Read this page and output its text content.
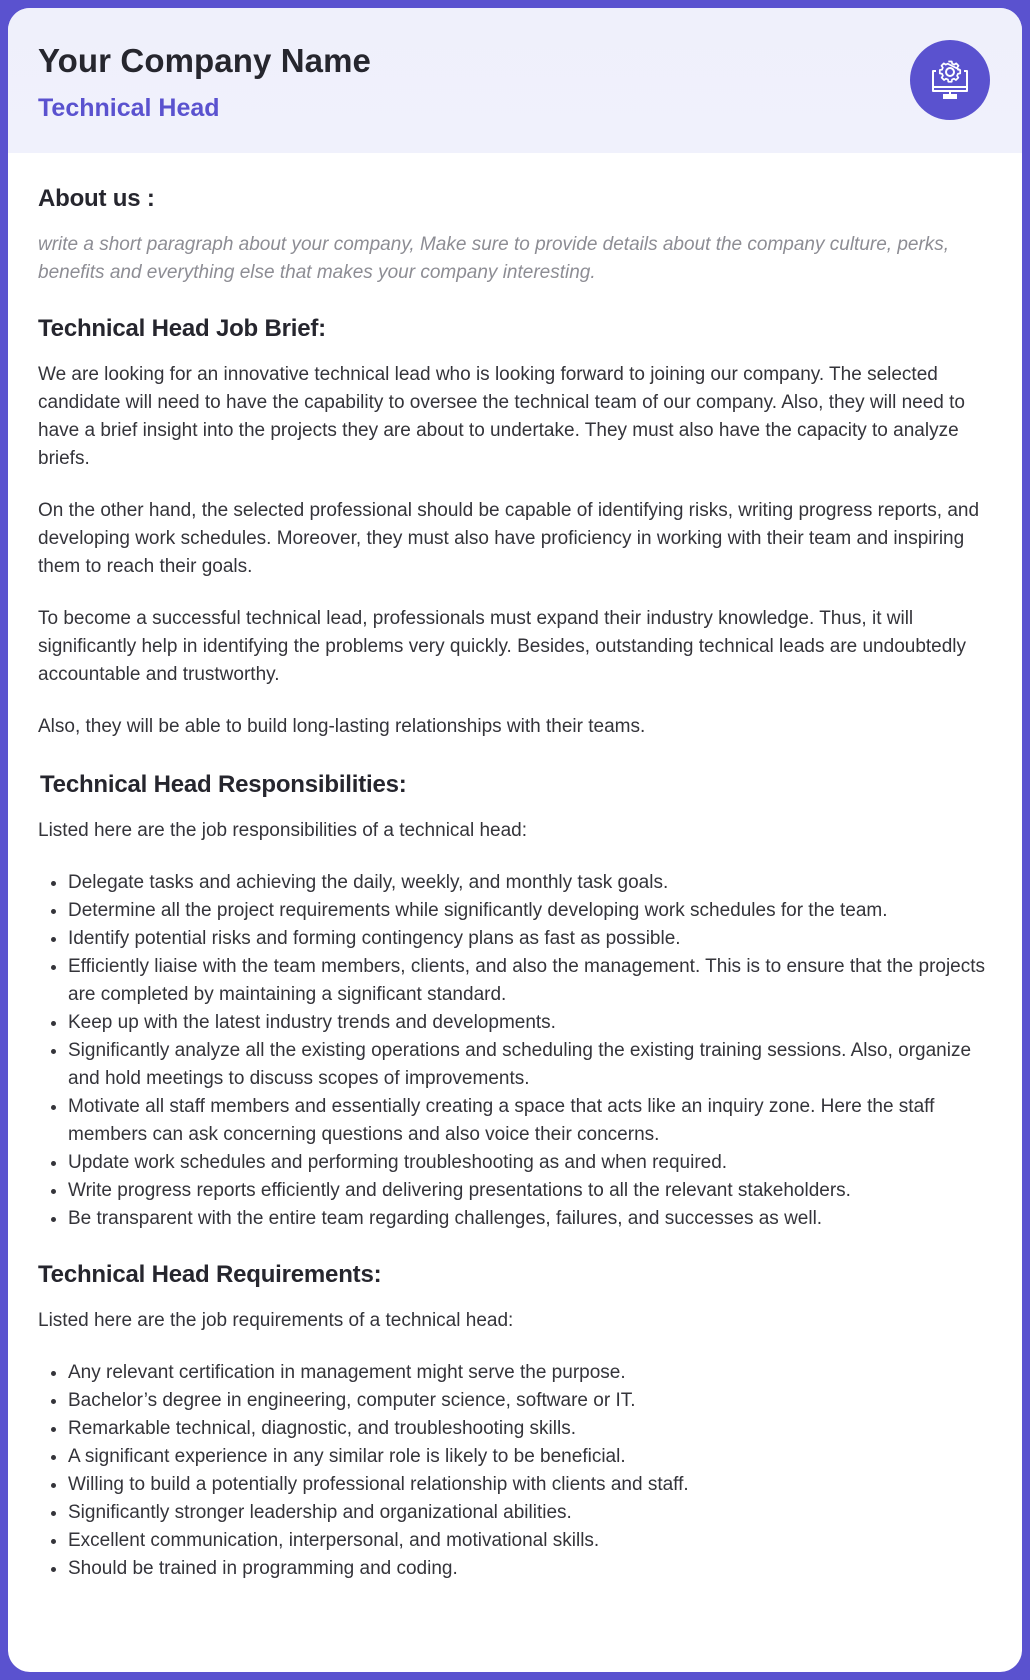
Your Company Name
Technical Head
About us :

write a short paragraph about your company, Make sure to provide details about the company culture, perks, benefits and everything else that makes your company interesting.

Technical Head Job Brief:

We are looking for an innovative technical lead who is looking forward to joining our company. The selected candidate will need to have the capability to oversee the technical team of our company. Also, they will need to have a brief insight into the projects they are about to undertake. They must also have the capacity to analyze briefs.

On the other hand, the selected professional should be capable of identifying risks, writing progress reports, and developing work schedules. Moreover, they must also have proficiency in working with their team and inspiring them to reach their goals.

To become a successful technical lead, professionals must expand their industry knowledge. Thus, it will significantly help in identifying the problems very quickly. Besides, outstanding technical leads are undoubtedly accountable and trustworthy.

Also, they will be able to build long-lasting relationships with their teams.

Technical Head Responsibilities:

Listed here are the job responsibilities of a technical head:

• Delegate tasks and achieving the daily, weekly, and monthly task goals.
• Determine all the project requirements while significantly developing work schedules for the team.
• Identify potential risks and forming contingency plans as fast as possible.
• Efficiently liaise with the team members, clients, and also the management. This is to ensure that the projects are completed by maintaining a significant standard.
• Keep up with the latest industry trends and developments.
• Significantly analyze all the existing operations and scheduling the existing training sessions. Also, organize and hold meetings to discuss scopes of improvements.
• Motivate all staff members and essentially creating a space that acts like an inquiry zone. Here the staff members can ask concerning questions and also voice their concerns.
• Update work schedules and performing troubleshooting as and when required.
• Write progress reports efficiently and delivering presentations to all the relevant stakeholders.
• Be transparent with the entire team regarding challenges, failures, and successes as well.
Technical Head Requirements:

Listed here are the job requirements of a technical head:

• Any relevant certification in management might serve the purpose.
• Bachelor’s degree in engineering, computer science, software or IT.
• Remarkable technical, diagnostic, and troubleshooting skills.
• A significant experience in any similar role is likely to be beneficial.
• Willing to build a potentially professional relationship with clients and staff.
• Significantly stronger leadership and organizational abilities.
• Excellent communication, interpersonal, and motivational skills.
• Should be trained in programming and coding.
